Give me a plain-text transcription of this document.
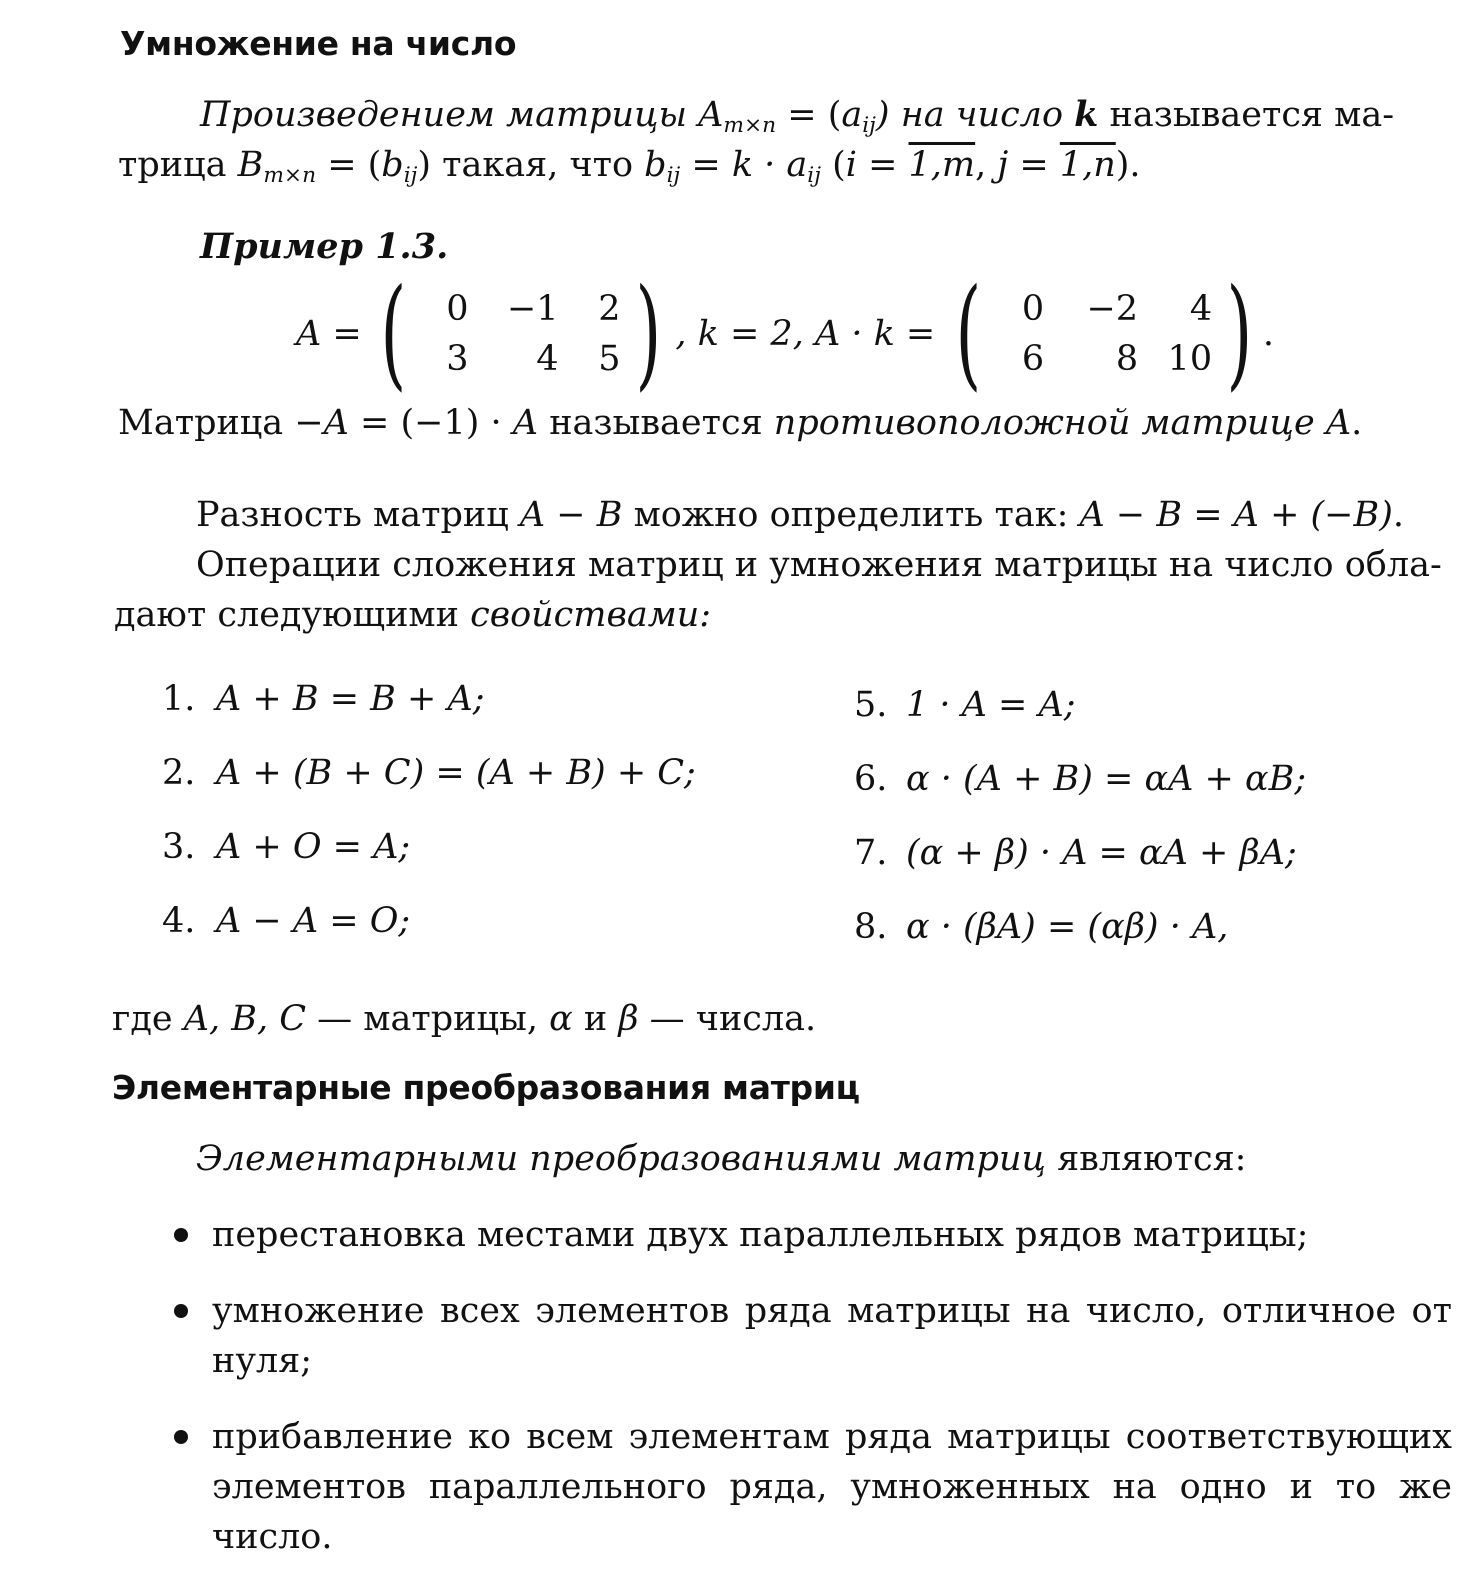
Умножение на число
Произведением матрицы $A_{m\times n} = (a_{ij})$ на число k называется ма-
трица $B_{m\times n} = (b_{ij})$ такая, что $b_{ij} = k \cdot a_{ij}$ (i = 1,m, j = 1,n).
Пример 1.3.
A = ( 0 −1 2
3 4 5 ) , k = 2, A · k = ( 0 −2 4
6 8 10 ) .
Матрица −A = (−1) · A называется противоположной матрице A.
Разность матриц A − B можно определить так: A − B = A + (−B).
Операции сложения матриц и умножения матрицы на число обла-
дают следующими свойствами:
1. A + B = B + A;
2. A + (B + C) = (A + B) + C;
3. A + O = A;
4. A − A = O;
5. 1 · A = A;
6. α · (A + B) = αA + αB;
7. (α + β) · A = αA + βA;
8. α · (βA) = (αβ) · A,
где A, B, C — матрицы, α и β — числа.
Элементарные преобразования матриц
Элементарными преобразованиями матриц являются:
перестановка местами двух параллельных рядов матрицы;
умножение всех элементов ряда матрицы на число, отличное от нуля;
прибавление ко всем элементам ряда матрицы соответствующих элементов параллельного ряда, умноженных на одно и то же число.
